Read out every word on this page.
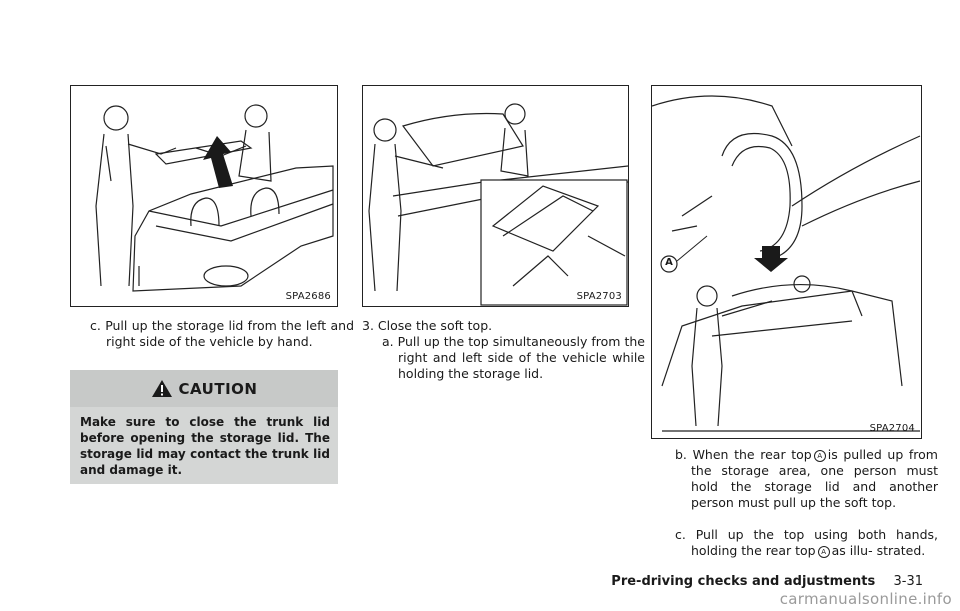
SPA2686	SPA2703
A
SPA2704
c. Pull up the storage lid from the left and right side of the vehicle by hand.
CAUTION
Make sure to close the trunk lid before opening the storage lid. The storage lid may contact the trunk lid and damage it.
3. Close the soft top.
a. Pull up the top simultaneously from the right and left side of the vehicle while holding the storage lid.
b. When the rear top A is pulled up from the storage area, one person must hold the storage lid and another person must pull up the soft top.
c. Pull up the top using both hands, holding the rear top A as illu- strated.
Pre-driving checks and adjustments 3-31
carmanualsonline.info
